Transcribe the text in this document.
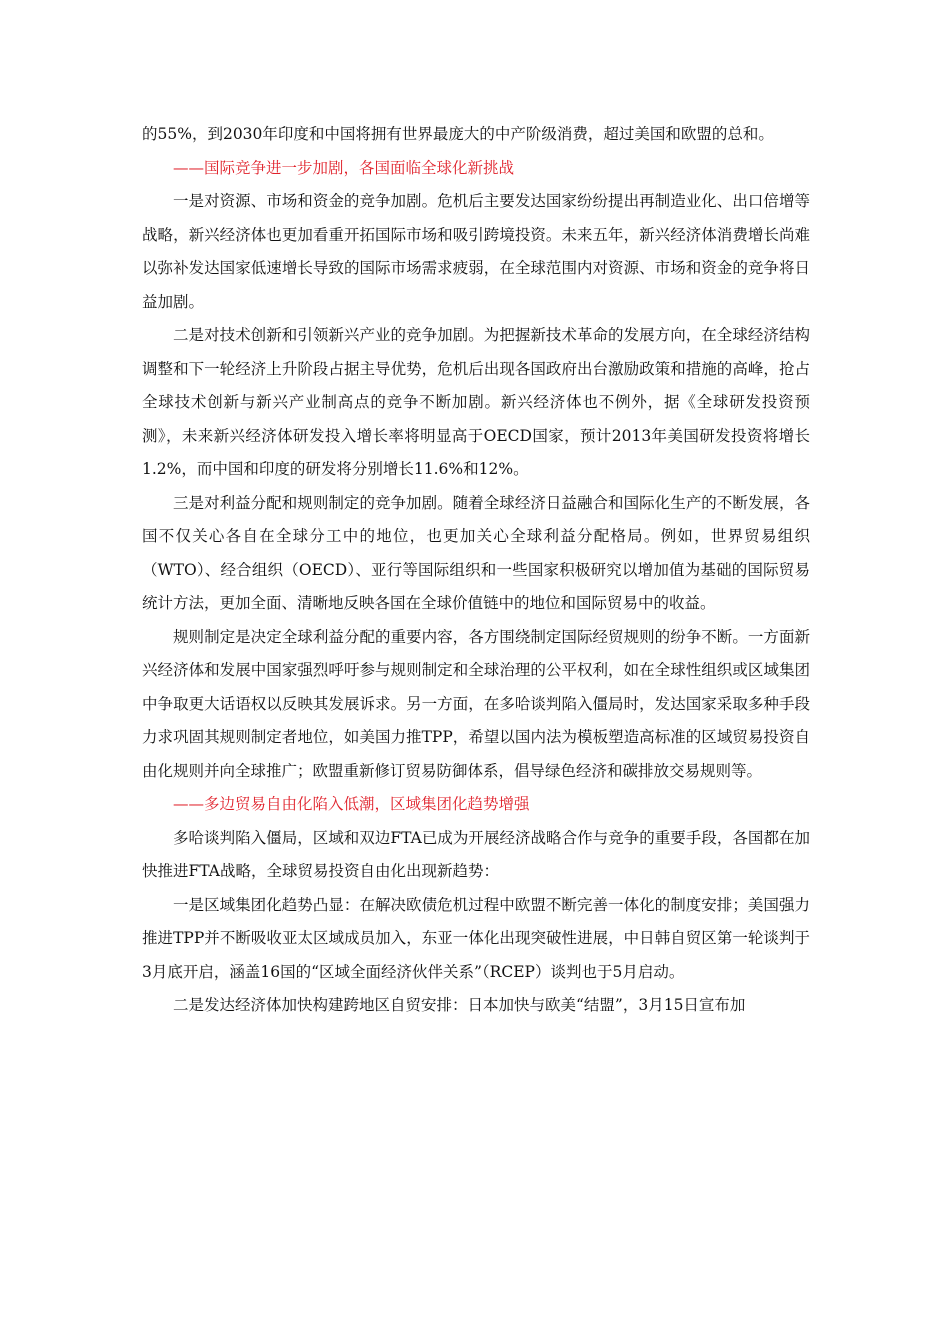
的55%，到2030年印度和中国将拥有世界最庞大的中产阶级消费，超过美国和欧盟的总和。

——国际竞争进一步加剧，各国面临全球化新挑战

一是对资源、市场和资金的竞争加剧。危机后主要发达国家纷纷提出再制造业化、出口倍增等战略，新兴经济体也更加看重开拓国际市场和吸引跨境投资。未来五年，新兴经济体消费增长尚难以弥补发达国家低速增长导致的国际市场需求疲弱，在全球范围内对资源、市场和资金的竞争将日益加剧。

二是对技术创新和引领新兴产业的竞争加剧。为把握新技术革命的发展方向，在全球经济结构调整和下一轮经济上升阶段占据主导优势，危机后出现各国政府出台激励政策和措施的高峰，抢占全球技术创新与新兴产业制高点的竞争不断加剧。新兴经济体也不例外，据《全球研发投资预测》，未来新兴经济体研发投入增长率将明显高于OECD国家，预计2013年美国研发投资将增长1.2%，而中国和印度的研发将分别增长11.6%和12%。

三是对利益分配和规则制定的竞争加剧。随着全球经济日益融合和国际化生产的不断发展，各国不仅关心各自在全球分工中的地位，也更加关心全球利益分配格局。例如，世界贸易组织（WTO）、经合组织（OECD）、亚行等国际组织和一些国家积极研究以增加值为基础的国际贸易统计方法，更加全面、清晰地反映各国在全球价值链中的地位和国际贸易中的收益。

规则制定是决定全球利益分配的重要内容，各方围绕制定国际经贸规则的纷争不断。一方面新兴经济体和发展中国家强烈呼吁参与规则制定和全球治理的公平权利，如在全球性组织或区域集团中争取更大话语权以反映其发展诉求。另一方面，在多哈谈判陷入僵局时，发达国家采取多种手段力求巩固其规则制定者地位，如美国力推TPP，希望以国内法为模板塑造高标准的区域贸易投资自由化规则并向全球推广；欧盟重新修订贸易防御体系，倡导绿色经济和碳排放交易规则等。

——多边贸易自由化陷入低潮，区域集团化趋势增强

多哈谈判陷入僵局，区域和双边FTA已成为开展经济战略合作与竞争的重要手段，各国都在加快推进FTA战略，全球贸易投资自由化出现新趋势：

一是区域集团化趋势凸显：在解决欧债危机过程中欧盟不断完善一体化的制度安排；美国强力推进TPP并不断吸收亚太区域成员加入，东亚一体化出现突破性进展，中日韩自贸区第一轮谈判于3月底开启，涵盖16国的“区域全面经济伙伴关系”（RCEP）谈判也于5月启动。

二是发达经济体加快构建跨地区自贸安排：日本加快与欧美“结盟”，3月15日宣布加
